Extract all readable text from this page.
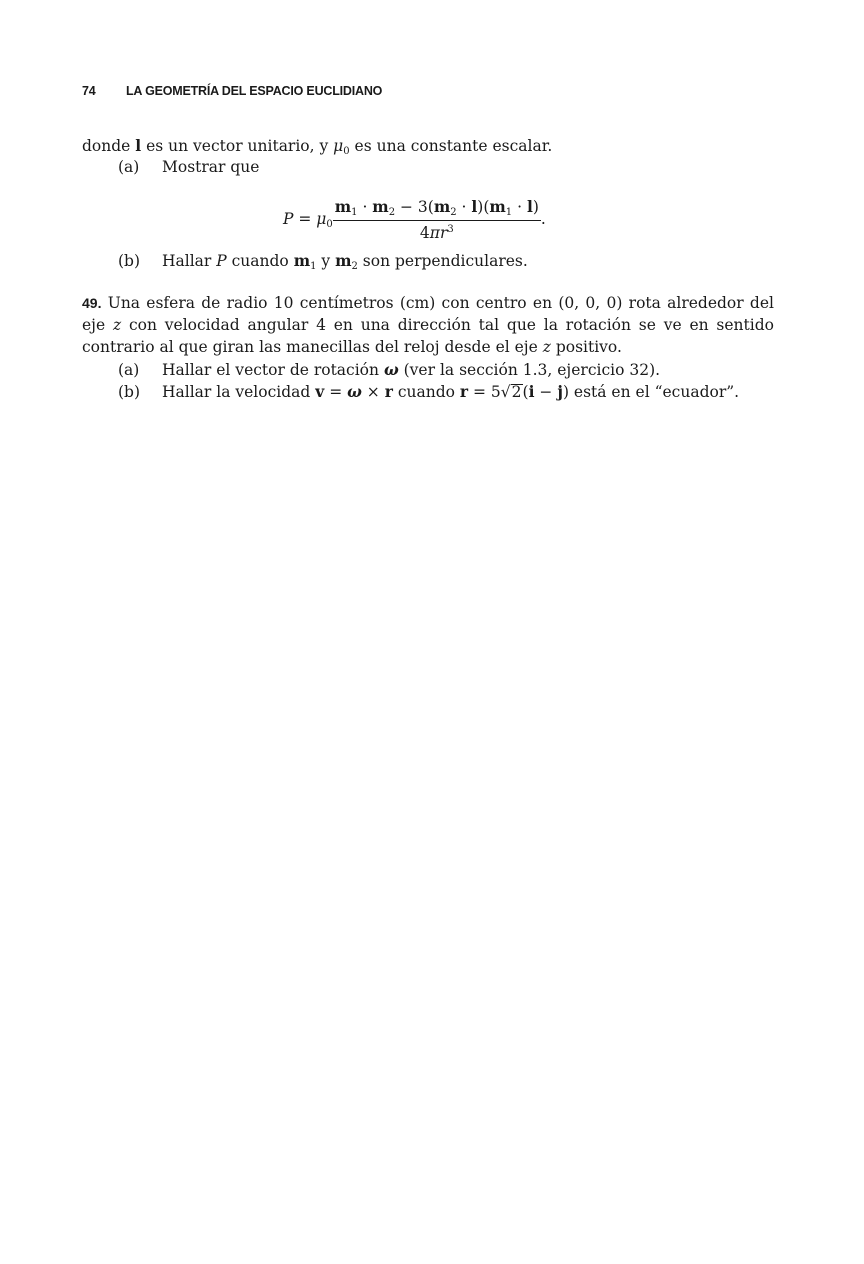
74 LA GEOMETRÍA DEL ESPACIO EUCLIDIANO
donde l es un vector unitario, y $\mu_0$ es una constante escalar.
(a) Mostrar que
$P = \mu_0 \frac{m_1 \cdot m_2 - 3(m_2 \cdot l)(m_1 \cdot l)}{4\pi r^3}$ .
(b) Hallar P cuando $m_1$ y $m_2$ son perpendiculares.
49. Una esfera de radio 10 centímetros (cm) con centro en (0, 0, 0) rota alrededor del
eje z con velocidad angular 4 en una dirección tal que la rotación se ve en sentido
contrario al que giran las manecillas del reloj desde el eje z positivo.
(a) Hallar el vector de rotación ω (ver la sección 1.3, ejercicio 32).
(b) Hallar la velocidad v = ω × r cuando r = 5√2(i − j) está en el “ecuador”.
